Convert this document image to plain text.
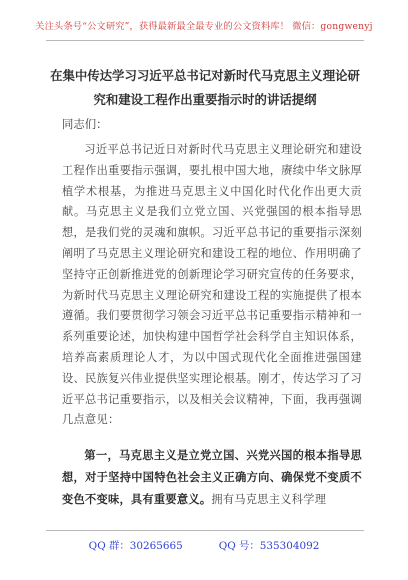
关注头条号“公文研究”，获得最新最全最专业的公文资料库！ 微信：gongwenyj
在集中传达学习习近平总书记对新时代马克思主义理论研究和建设工程作出重要指示时的讲话提纲
同志们：

习近平总书记近日对新时代马克思主义理论研究和建设工程作出重要指示强调，要扎根中国大地，赓续中华文脉厚植学术根基，为推进马克思主义中国化时代化作出更大贡献。马克思主义是我们立党立国、兴党强国的根本指导思想，是我们党的灵魂和旗帜。习近平总书记的重要指示深刻阐明了马克思主义理论研究和建设工程的地位、作用明确了坚持守正创新推进党的创新理论学习研究宣传的任务要求，为新时代马克思主义理论研究和建设工程的实施提供了根本遵循。我们要贯彻学习领会习近平总书记重要指示精神和一系列重要论述，加快构建中国哲学社会科学自主知识体系，培养高素质理论人才，为以中国式现代化全面推进强国建设、民族复兴伟业提供坚实理论根基。刚才，传达学习了习近平总书记重要指示，以及相关会议精神，下面，我再强调几点意见：

第一，马克思主义是立党立国、兴党兴国的根本指导思想，对于坚持中国特色社会主义正确方向、确保党不变质不变色不变味，具有重要意义。拥有马克思主义科学理

QQ 群：30265665	QQ 号：535304092
